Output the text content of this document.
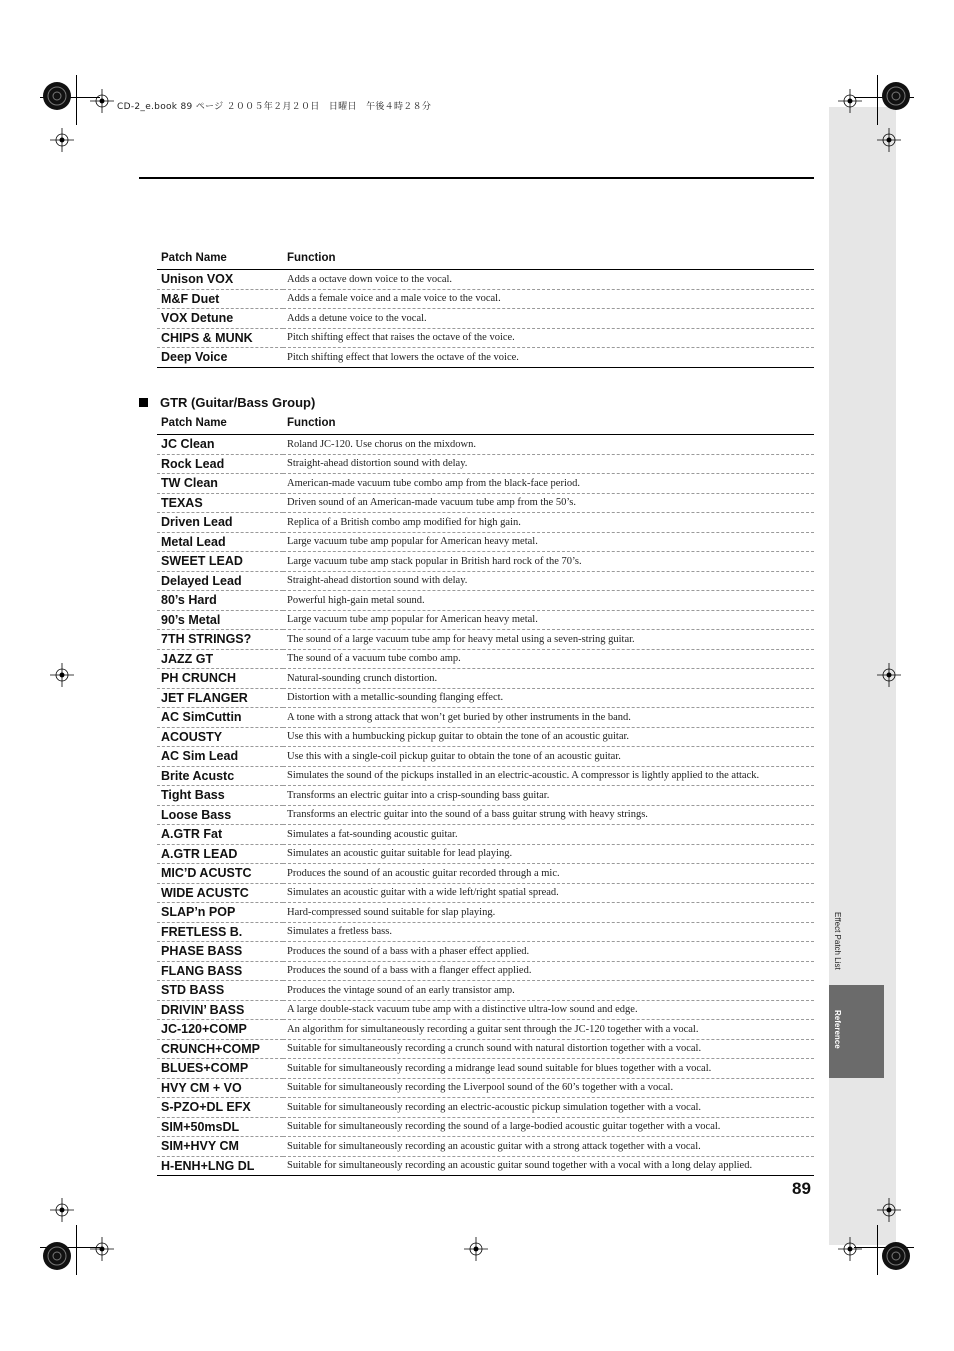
Effect Patch List
Reference
CD-2_e.book 89 ページ ２００５年２月２０日　日曜日　午後４時２８分
Patch Name	Function
Unison VOX	Adds a octave down voice to the vocal.
M&F Duet	Adds a female voice and a male voice to the vocal.
VOX Detune	Adds a detune voice to the vocal.
CHIPS & MUNK	Pitch shifting effect that raises the octave of the voice.
Deep Voice	Pitch shifting effect that lowers the octave of the voice.
GTR (Guitar/Bass Group)
Patch Name	Function
JC Clean	Roland JC-120. Use chorus on the mixdown.
Rock Lead	Straight-ahead distortion sound with delay.
TW Clean	American-made vacuum tube combo amp from the black-face period.
TEXAS	Driven sound of an American-made vacuum tube amp from the 50’s.
Driven Lead	Replica of a British combo amp modified for high gain.
Metal Lead	Large vacuum tube amp popular for American heavy metal.
SWEET LEAD	Large vacuum tube amp stack popular in British hard rock of the 70’s.
Delayed Lead	Straight-ahead distortion sound with delay.
80’s Hard	Powerful high-gain metal sound.
90’s Metal	Large vacuum tube amp popular for American heavy metal.
7TH STRINGS?	The sound of a large vacuum tube amp for heavy metal using a seven-string guitar.
JAZZ GT	The sound of a vacuum tube combo amp.
PH CRUNCH	Natural-sounding crunch distortion.
JET FLANGER	Distortion with a metallic-sounding flanging effect.
AC SimCuttin	A tone with a strong attack that won’t get buried by other instruments in the band.
ACOUSTY	Use this with a humbucking pickup guitar to obtain the tone of an acoustic guitar.
AC Sim Lead	Use this with a single-coil pickup guitar to obtain the tone of an acoustic guitar.
Brite Acustc	Simulates the sound of the pickups installed in an electric-acoustic. A compressor is lightly applied to the attack.
Tight Bass	Transforms an electric guitar into a crisp-sounding bass guitar.
Loose Bass	Transforms an electric guitar into the sound of a bass guitar strung with heavy strings.
A.GTR Fat	Simulates a fat-sounding acoustic guitar.
A.GTR LEAD	Simulates an acoustic guitar suitable for lead playing.
MIC’D ACUSTC	Produces the sound of an acoustic guitar recorded through a mic.
WIDE ACUSTC	Simulates an acoustic guitar with a wide left/right spatial spread.
SLAP’n POP	Hard-compressed sound suitable for slap playing.
FRETLESS B.	Simulates a fretless bass.
PHASE BASS	Produces the sound of a bass with a phaser effect applied.
FLANG BASS	Produces the sound of a bass with a flanger effect applied.
STD BASS	Produces the vintage sound of an early transistor amp.
DRIVIN’ BASS	A large double-stack vacuum tube amp with a distinctive ultra-low sound and edge.
JC-120+COMP	An algorithm for simultaneously recording a guitar sent through the JC-120 together with a vocal.
CRUNCH+COMP	Suitable for simultaneously recording a crunch sound with natural distortion together with a vocal.
BLUES+COMP	Suitable for simultaneously recording a midrange lead sound suitable for blues together with a vocal.
HVY CM + VO	Suitable for simultaneously recording the Liverpool sound of the 60’s together with a vocal.
S-PZO+DL EFX	Suitable for simultaneously recording an electric-acoustic pickup simulation together with a vocal.
SIM+50msDL	Suitable for simultaneously recording the sound of a large-bodied acoustic guitar together with a vocal.
SIM+HVY CM	Suitable for simultaneously recording an acoustic guitar with a strong attack together with a vocal.
H-ENH+LNG DL	Suitable for simultaneously recording an acoustic guitar sound together with a vocal with a long delay applied.
89
